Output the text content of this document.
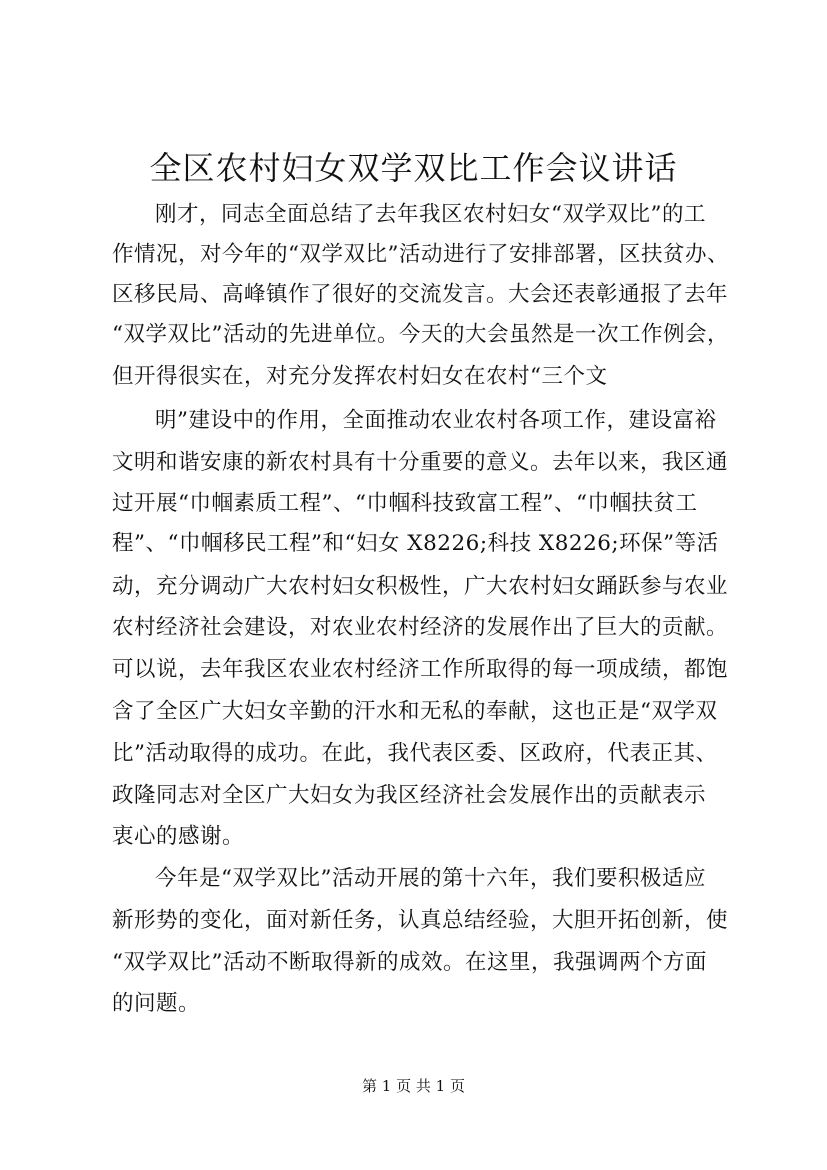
全区农村妇女双学双比工作会议讲话
刚才，同志全面总结了去年我区农村妇女“双学双比”的工
作情况，对今年的“双学双比”活动进行了安排部署，区扶贫办、
区移民局、高峰镇作了很好的交流发言。大会还表彰通报了去年
“双学双比”活动的先进单位。今天的大会虽然是一次工作例会，
但开得很实在，对充分发挥农村妇女在农村“三个文
明”建设中的作用，全面推动农业农村各项工作，建设富裕
文明和谐安康的新农村具有十分重要的意义。去年以来，我区通
过开展“巾帼素质工程”、“巾帼科技致富工程”、“巾帼扶贫工
程”、“巾帼移民工程”和“妇女 X8226;科技 X8226;环保”等活
动，充分调动广大农村妇女积极性，广大农村妇女踊跃参与农业
农村经济社会建设，对农业农村经济的发展作出了巨大的贡献。
可以说，去年我区农业农村经济工作所取得的每一项成绩，都饱
含了全区广大妇女辛勤的汗水和无私的奉献，这也正是“双学双
比”活动取得的成功。在此，我代表区委、区政府，代表正其、
政隆同志对全区广大妇女为我区经济社会发展作出的贡献表示
衷心的感谢。
今年是“双学双比”活动开展的第十六年，我们要积极适应
新形势的变化，面对新任务，认真总结经验，大胆开拓创新，使
“双学双比”活动不断取得新的成效。在这里，我强调两个方面
的问题。
第 1 页 共 1 页
